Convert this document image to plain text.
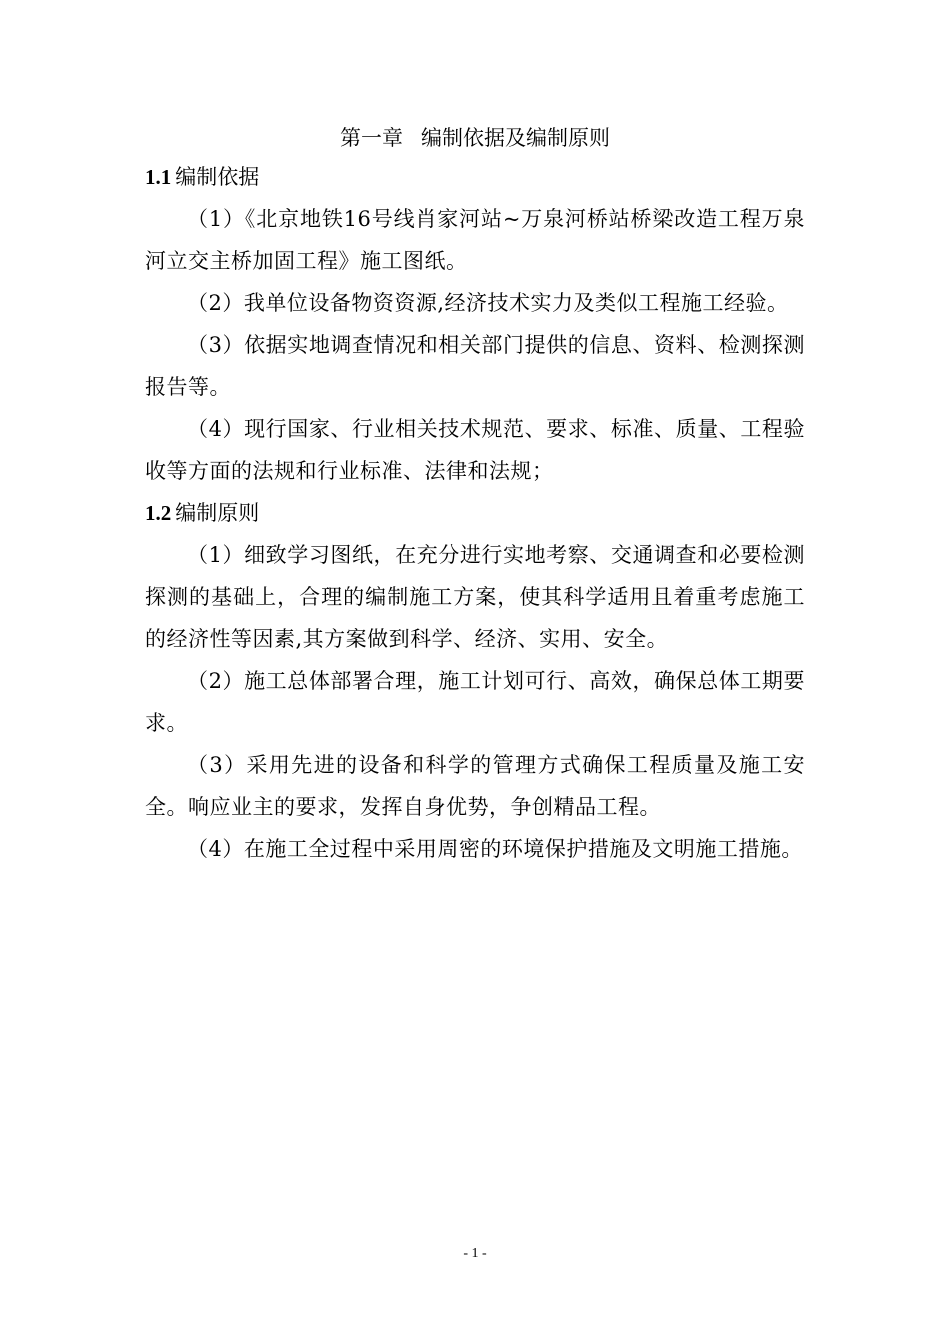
第一章 编制依据及编制原则
1.1 编制依据

（1）《北京地铁16号线肖家河站~万泉河桥站桥梁改造工程万泉河立交主桥加固工程》施工图纸。

（2）我单位设备物资资源,经济技术实力及类似工程施工经验。

（3）依据实地调查情况和相关部门提供的信息、资料、检测探测报告等。

（4）现行国家、行业相关技术规范、要求、标准、质量、工程验收等方面的法规和行业标准、法律和法规；

1.2 编制原则

（1）细致学习图纸，在充分进行实地考察、交通调查和必要检测探测的基础上，合理的编制施工方案，使其科学适用且着重考虑施工的经济性等因素,其方案做到科学、经济、实用、安全。

（2）施工总体部署合理，施工计划可行、高效，确保总体工期要求。

（3）采用先进的设备和科学的管理方式确保工程质量及施工安全。响应业主的要求，发挥自身优势，争创精品工程。

（4）在施工全过程中采用周密的环境保护措施及文明施工措施。

- 1 -
